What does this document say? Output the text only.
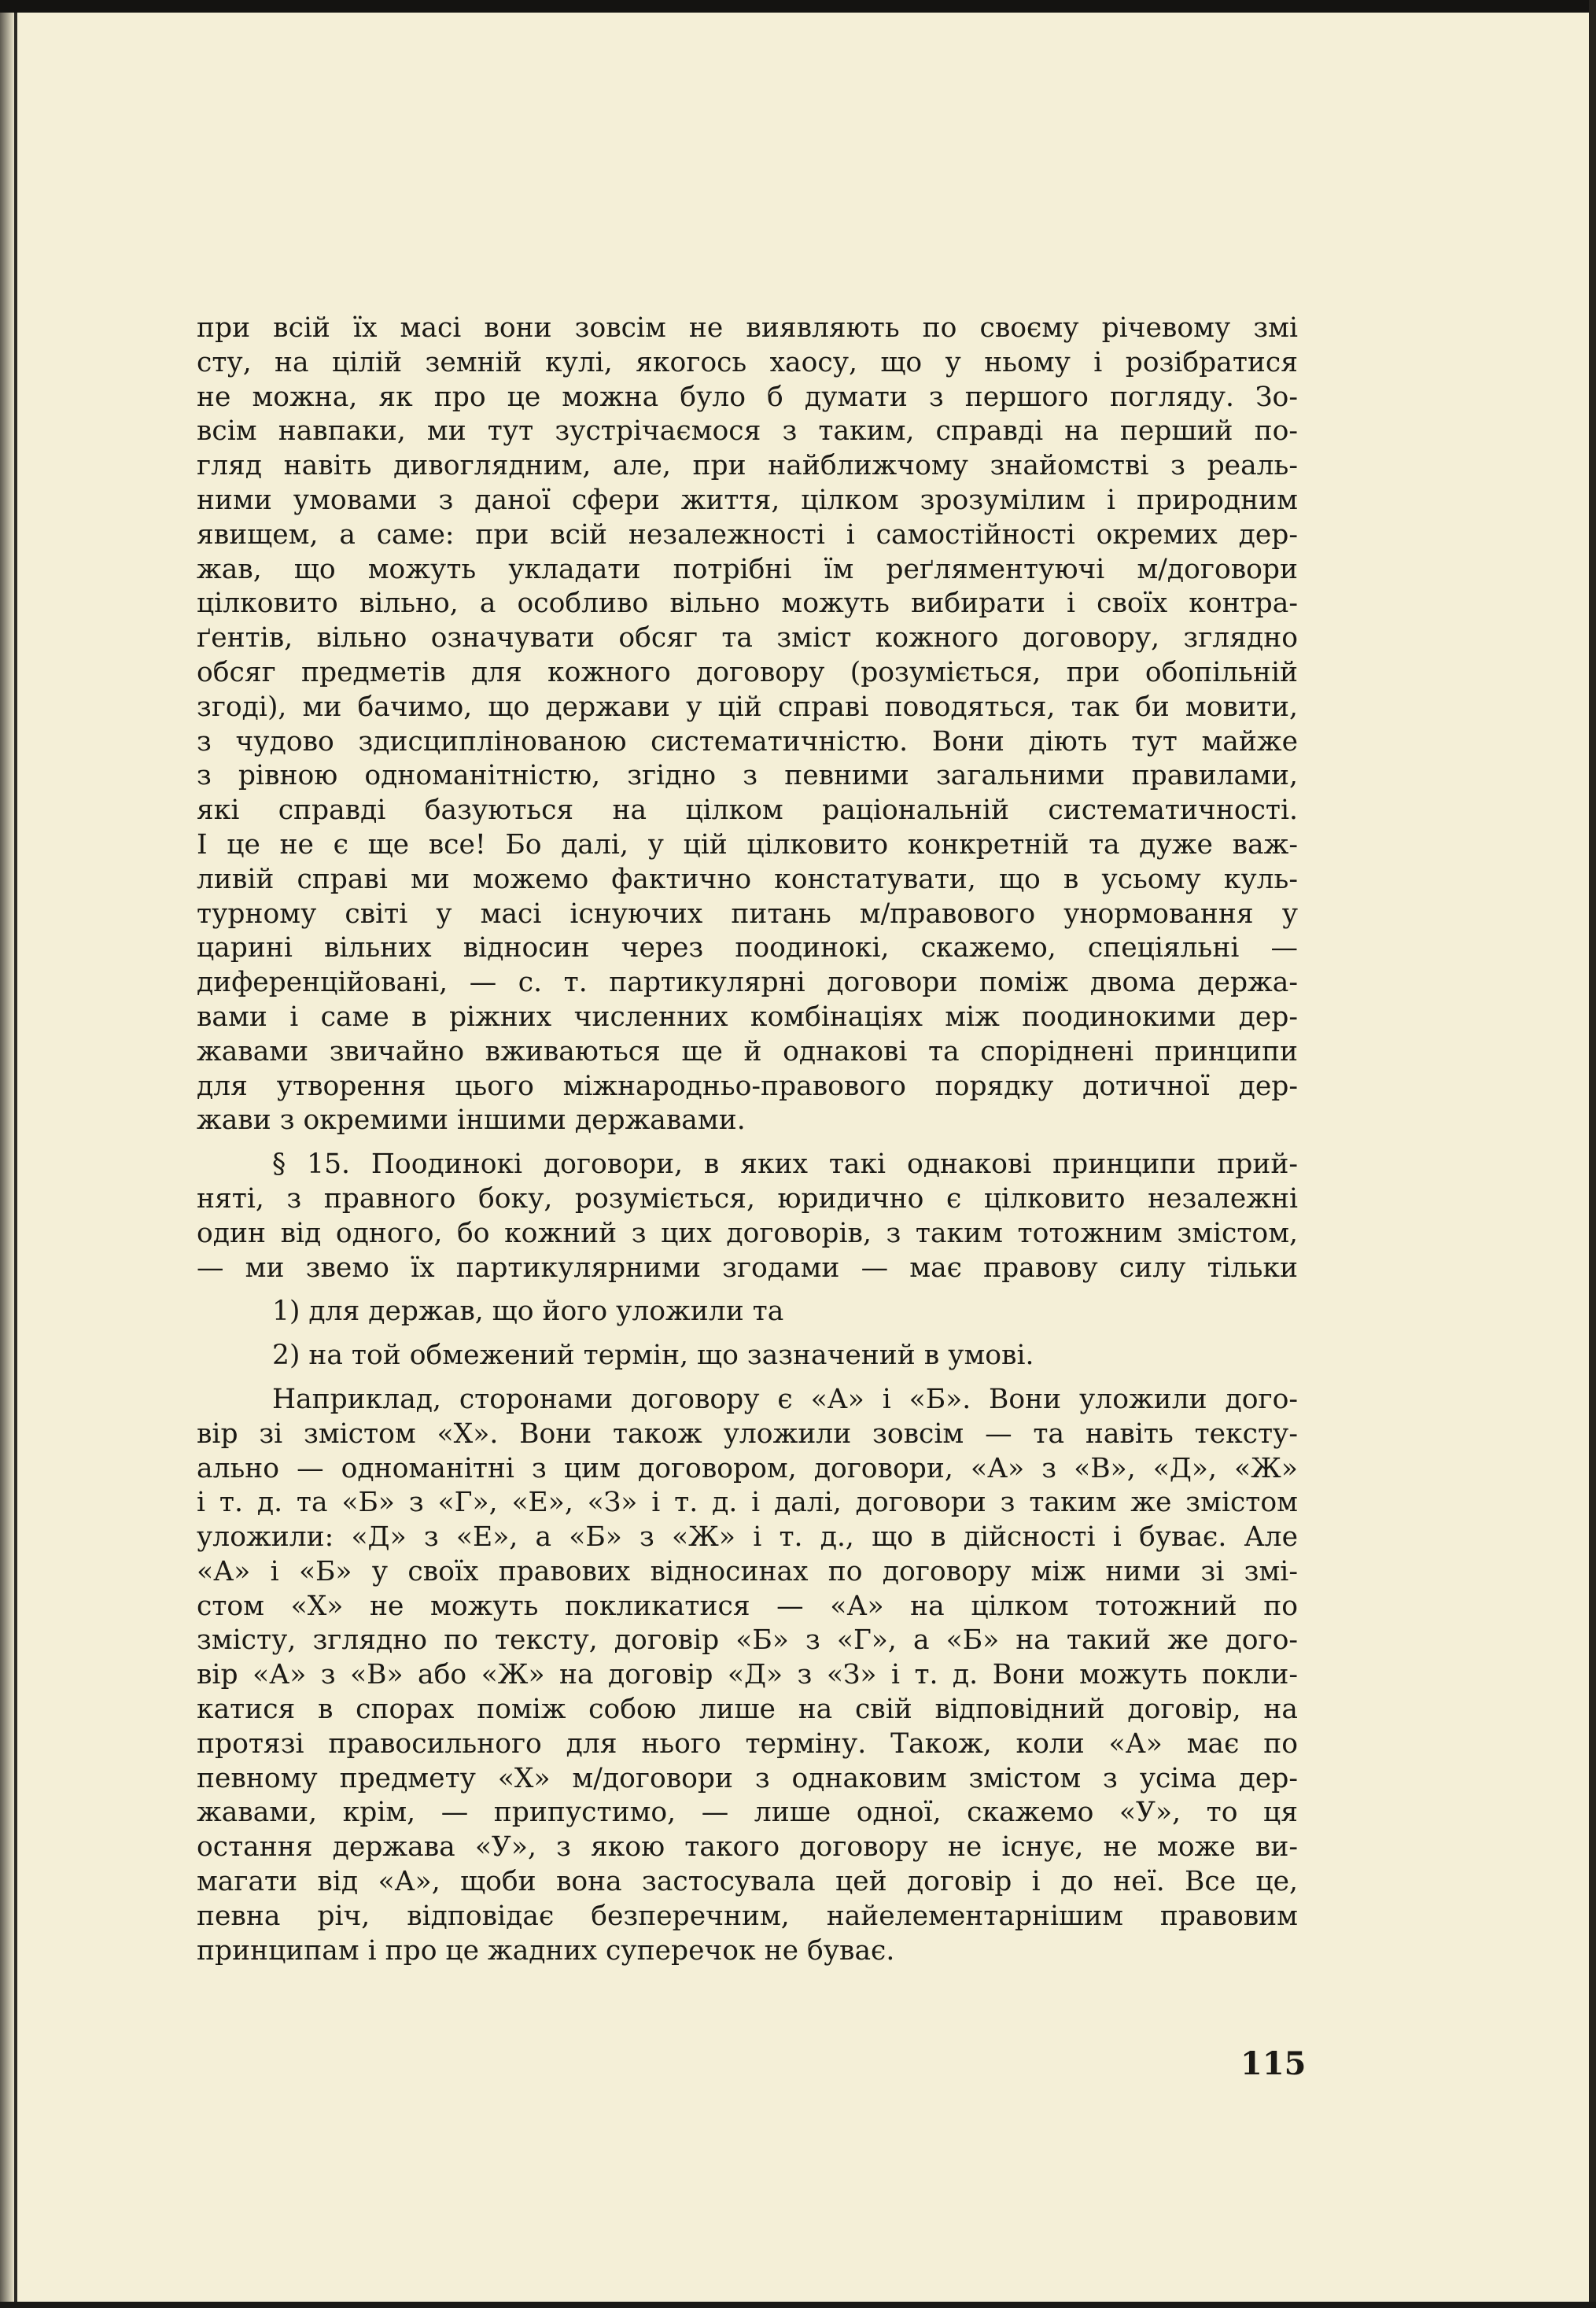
при всій їх масі вони зовсім не виявляють по своєму річевому змі
сту, на цілій земній кулі, якогось хаосу, що у ньому і розібратися
не можна, як про це можна було б думати з першого погляду. Зо-
всім навпаки, ми тут зустрічаємося з таким, справді на перший по-
гляд навіть дивоглядним, але, при найближчому знайомстві з реаль-
ними умовами з даної сфери життя, цілком зрозумілим і природним
явищем, а саме: при всій незалежності і самостійності окремих дер-
жав, що можуть укладати потрібні їм реґляментуючі м/договори
цілковито вільно, а особливо вільно можуть вибирати і своїх контра-
ґентів, вільно означувати обсяг та зміст кожного договору, зглядно
обсяг предметів для кожного договору (розуміється, при обопільній
згоді), ми бачимо, що держави у цій справі поводяться, так би мовити,
з чудово здисциплінованою систематичністю. Вони діють тут майже
з рівною одноманітністю, згідно з певними загальними правилами,
які справді базуються на цілком раціональній систематичності.
І це не є ще все! Бо далі, у цій цілковито конкретній та дуже важ-
ливій справі ми можемо фактично констатувати, що в усьому куль-
турному світі у масі існуючих питань м/правового унормовання у
царині вільних відносин через поодинокі, скажемо, спеціяльні —
диференційовані, — с. т. партикулярні договори поміж двома держа-
вами і саме в ріжних численних комбінаціях між поодинокими дер-
жавами звичайно вживаються ще й однакові та споріднені принципи
для утворення цього міжнародньо-правового порядку дотичної дер-
жави з окремими іншими державами.
§ 15. Поодинокі договори, в яких такі однакові принципи прий-
няті, з правного боку, розуміється, юридично є цілковито незалежні
один від одного, бо кожний з цих договорів, з таким тотожним змістом,
— ми звемо їх партикулярними згодами — має правову силу тільки
1) для держав, що його уложили та
2) на той обмежений термін, що зазначений в умові.
Наприклад, сторонами договору є «А» і «Б». Вони уложили дого-
вір зі змістом «Х». Вони також уложили зовсім — та навіть тексту-
ально — одноманітні з цим договором, договори, «А» з «В», «Д», «Ж»
і т. д. та «Б» з «Г», «Е», «З» і т. д. і далі, договори з таким же змістом
уложили: «Д» з «Е», а «Б» з «Ж» і т. д., що в дійсності і буває. Але
«А» і «Б» у своїх правових відносинах по договору між ними зі змі-
стом «Х» не можуть покликатися — «А» на цілком тотожний по
змісту, зглядно по тексту, договір «Б» з «Г», а «Б» на такий же дого-
вір «А» з «В» або «Ж» на договір «Д» з «З» і т. д. Вони можуть покли-
катися в спорах поміж собою лише на свій відповідний договір, на
протязі правосильного для нього терміну. Також, коли «А» має по
певному предмету «Х» м/договори з однаковим змістом з усіма дер-
жавами, крім, — припустимо, — лише одної, скажемо «У», то ця
остання держава «У», з якою такого договору не існує, не може ви-
магати від «А», щоби вона застосувала цей договір і до неї. Все це,
певна річ, відповідає безперечним, найелементарнішим правовим
принципам і про це жадних суперечок не буває.
115
